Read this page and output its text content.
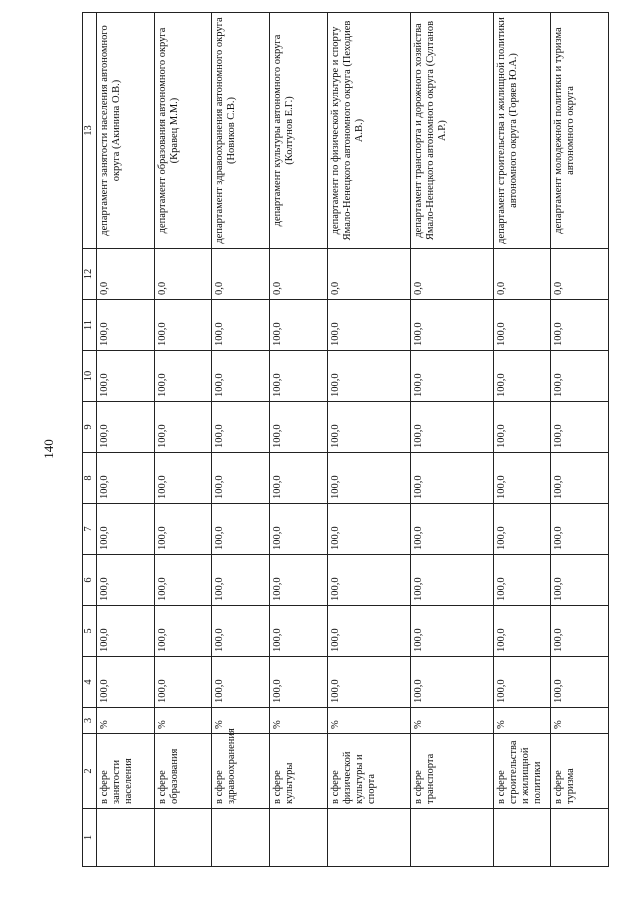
140
1	2	3	4	5	6	7	8	9	10	11	12	13
	в сфере занятости населения	%	100,0	100,0	100,0	100,0	100,0	100,0	100,0	100,0	0,0	департамент занятости населения автономного округа (Акинина О.В.)
	в сфере образования	%	100,0	100,0	100,0	100,0	100,0	100,0	100,0	100,0	0,0	департамент образования автономного округа (Кравец М.М.)
	в сфере здравоохранения	%	100,0	100,0	100,0	100,0	100,0	100,0	100,0	100,0	0,0	департамент здравоохранения автономного округа (Новиков С.В.)
	в сфере культуры	%	100,0	100,0	100,0	100,0	100,0	100,0	100,0	100,0	0,0	департамент культуры автономного округа (Колтунов Е.Г.)
	в сфере физической культуры и спорта	%	100,0	100,0	100,0	100,0	100,0	100,0	100,0	100,0	0,0	департамент по физической культуре и спорту Ямало-Ненецкого автономного округа (Пеходиев А.В.)
	в сфере транспорта	%	100,0	100,0	100,0	100,0	100,0	100,0	100,0	100,0	0,0	департамент транспорта и дорожного хозяйства Ямало-Ненецкого автономного округа (Султанов А.Р.)
	в сфере строительства и жилищной политики	%	100,0	100,0	100,0	100,0	100,0	100,0	100,0	100,0	0,0	департамент строительства и жилищной политики автономного округа (Горяев Ю.А.)
	в сфере туризма	%	100,0	100,0	100,0	100,0	100,0	100,0	100,0	100,0	0,0	департамент молодежной политики и туризма автономного округа
